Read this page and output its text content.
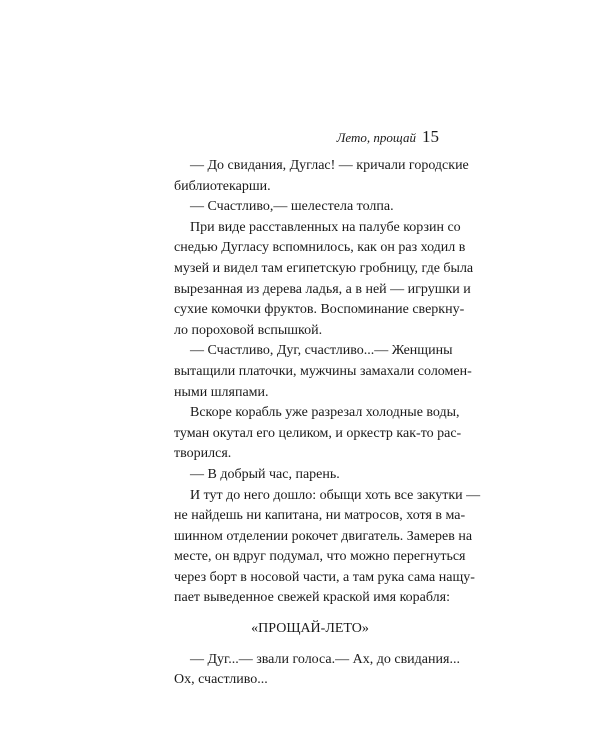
Лето, прощай 15
— До свидания, Дуглас! — кричали городские
библиотекарши.
— Счастливо,— шелестела толпа.
При виде расставленных на палубе корзин со
снедью Дугласу вспомнилось, как он раз ходил в
музей и видел там египетскую гробницу, где была
вырезанная из дерева ладья, а в ней — игрушки и
сухие комочки фруктов. Воспоминание сверкну-
ло пороховой вспышкой.
— Счастливо, Дуг, счастливо...— Женщины
вытащили платочки, мужчины замахали соломен-
ными шляпами.
Вскоре корабль уже разрезал холодные воды,
туман окутал его целиком, и оркестр как-то рас-
творился.
— В добрый час, парень.
И тут до него дошло: обыщи хоть все закутки —
не найдешь ни капитана, ни матросов, хотя в ма-
шинном отделении рокочет двигатель. Замерев на
месте, он вдруг подумал, что можно перегнуться
через борт в носовой части, а там рука сама нащу-
пает выведенное свежей краской имя корабля:
«ПРОЩАЙ-ЛЕТО»
— Дуг...— звали голоса.— Ах, до свидания...
Ох, счастливо...
